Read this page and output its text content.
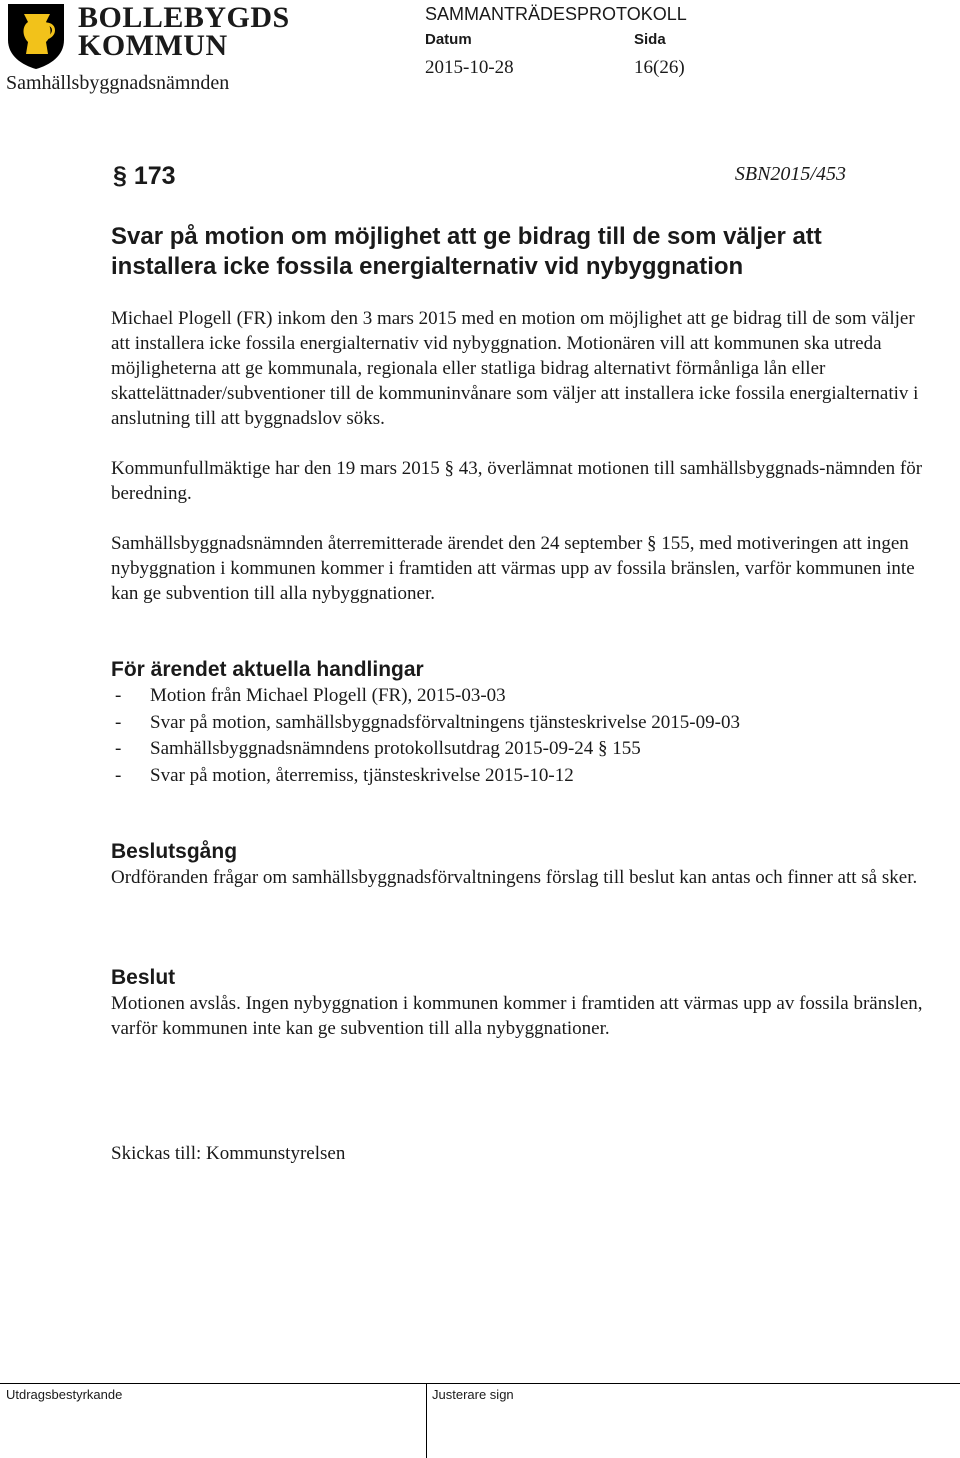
BOLLEBYGDS
KOMMUN
Samhällsbyggnadsnämnden
SAMMANTRÄDESPROTOKOLL
Datum	Sida
2015-10-28	16(26)
§ 173	SBN2015/453
Svar på motion om möjlighet att ge bidrag till de som väljer att installera icke fossila energialternativ vid nybyggnation

Michael Plogell (FR) inkom den 3 mars 2015 med en motion om möjlighet att ge bidrag till de som väljer att installera icke fossila energialternativ vid nybyggnation. Motionären vill att kommunen ska utreda möjligheterna att ge kommunala, regionala eller statliga bidrag alternativt förmånliga lån eller skattelättnader/subventioner till de kommuninvånare som väljer att installera icke fossila energialternativ i anslutning till att byggnadslov söks.

Kommunfullmäktige har den 19 mars 2015 § 43, överlämnat motionen till samhällsbyggnads-nämnden för beredning.

Samhällsbyggnadsnämnden återremitterade ärendet den 24 september § 155, med motiveringen att ingen nybyggnation i kommunen kommer i framtiden att värmas upp av fossila bränslen, varför kommunen inte kan ge subvention till alla nybyggnationer.

För ärendet aktuella handlingar
- Motion från Michael Plogell (FR), 2015-03-03
- Svar på motion, samhällsbyggnadsförvaltningens tjänsteskrivelse 2015-09-03
- Samhällsbyggnadsnämndens protokollsutdrag 2015-09-24 § 155
- Svar på motion, återremiss, tjänsteskrivelse 2015-10-12
Beslutsgång

Ordföranden frågar om samhällsbyggnadsförvaltningens förslag till beslut kan antas och finner att så sker.

Beslut

Motionen avslås. Ingen nybyggnation i kommunen kommer i framtiden att värmas upp av fossila bränslen, varför kommunen inte kan ge subvention till alla nybyggnationer.

Skickas till: Kommunstyrelsen
Utdragsbestyrkande	Justerare sign
